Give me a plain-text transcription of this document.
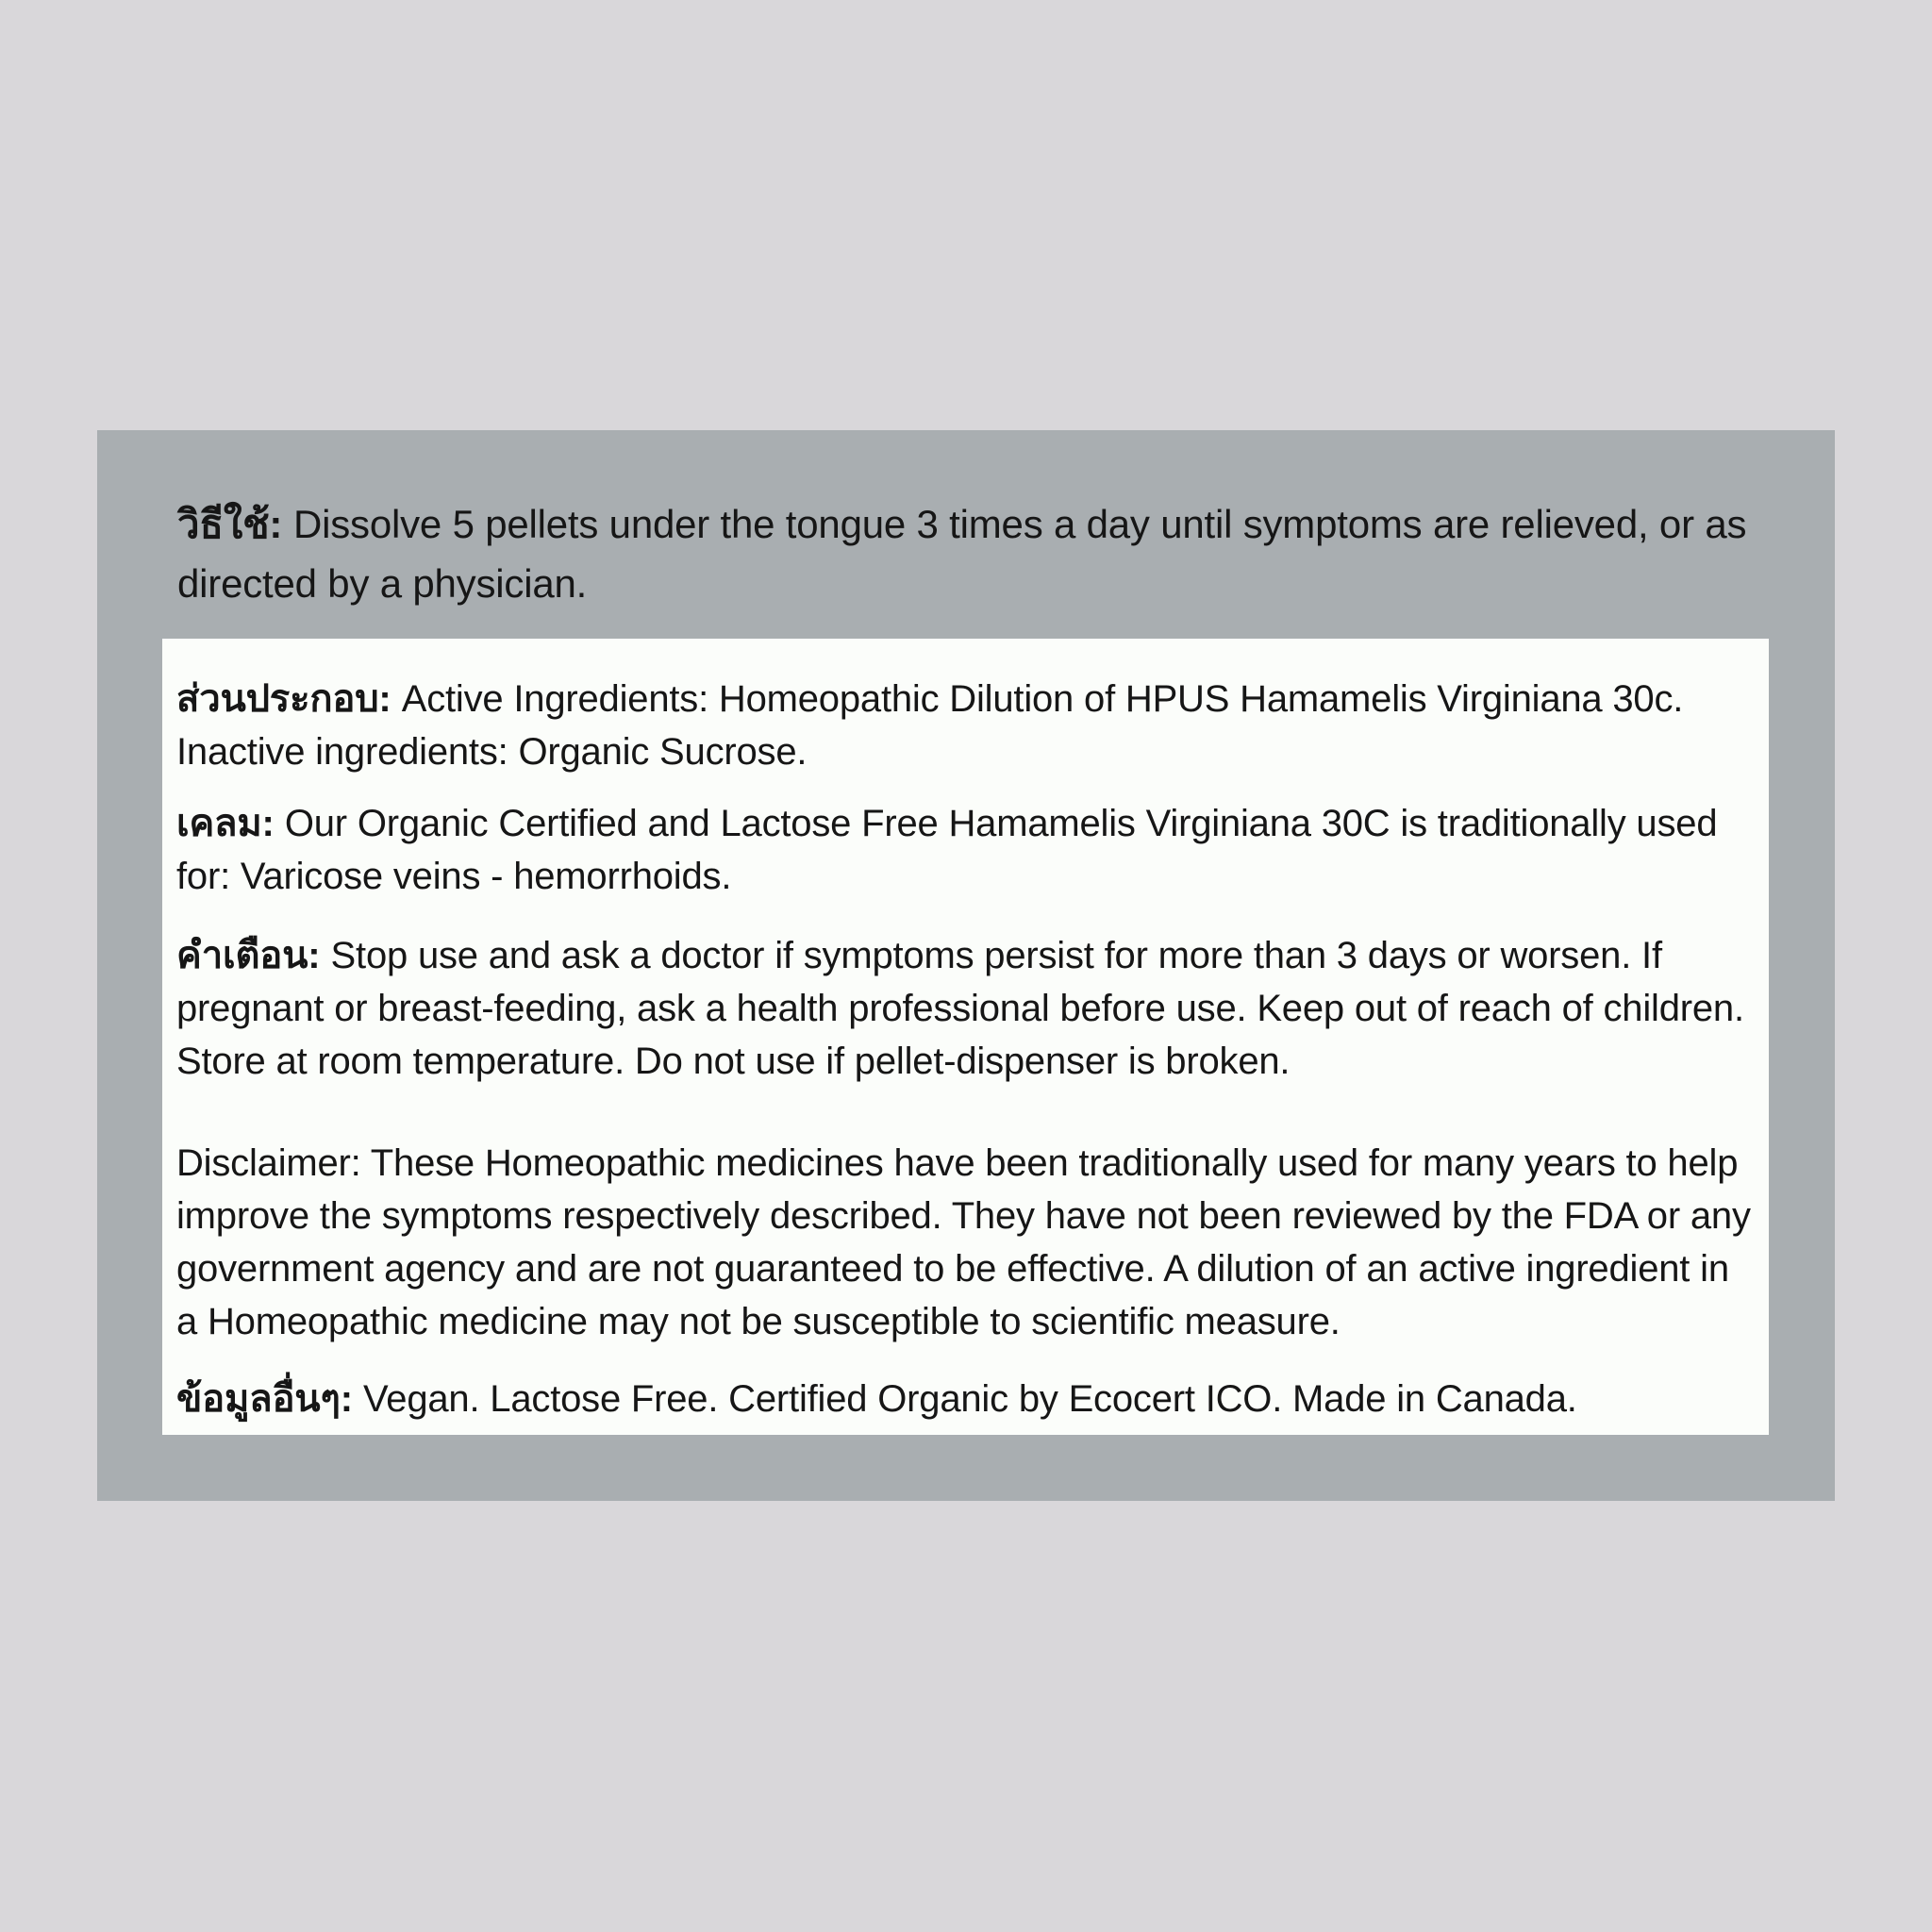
วิธีใช้: Dissolve 5 pellets under the tongue 3 times a day until symptoms are relieved, or as directed by a physician.

ส่วนประกอบ: Active Ingredients: Homeopathic Dilution of HPUS Hamamelis Virginiana 30c. Inactive ingredients: Organic Sucrose.

เคลม: Our Organic Certified and Lactose Free Hamamelis Virginiana 30C is traditionally used for: Varicose veins - hemorrhoids.

คำเตือน: Stop use and ask a doctor if symptoms persist for more than 3 days or worsen. If pregnant or breast-feeding, ask a health professional before use. Keep out of reach of children. Store at room temperature. Do not use if pellet-dispenser is broken.

Disclaimer: These Homeopathic medicines have been traditionally used for many years to help improve the symptoms respectively described. They have not been reviewed by the FDA or any government agency and are not guaranteed to be effective. A dilution of an active ingredient in a Homeopathic medicine may not be susceptible to scientific measure.

ข้อมูลอื่นๆ: Vegan. Lactose Free. Certified Organic by Ecocert ICO. Made in Canada.
